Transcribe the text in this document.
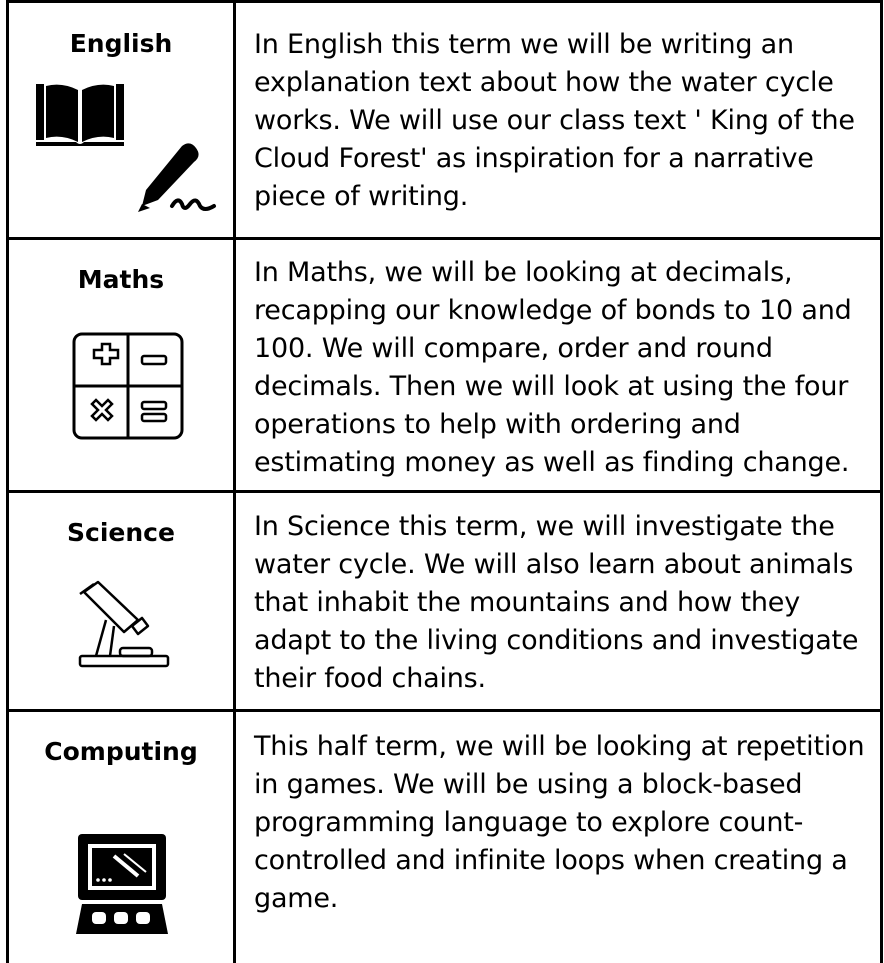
English	In English this term we will be writing an explanation text about how the water cycle works. We will use our class text ' King of the Cloud Forest' as inspiration for a narrative piece of writing.
Maths	In Maths, we will be looking at decimals, recapping our knowledge of bonds to 10 and 100. We will compare, order and round decimals. Then we will look at using the four operations to help with ordering and estimating money as well as finding change.
Science	In Science this term, we will investigate the water cycle. We will also learn about animals that inhabit the mountains and how they adapt to the living conditions and investigate their food chains.
Computing	This half term, we will be looking at repetition in games. We will be using a block-based programming language to explore count-controlled and infinite loops when creating a game.
